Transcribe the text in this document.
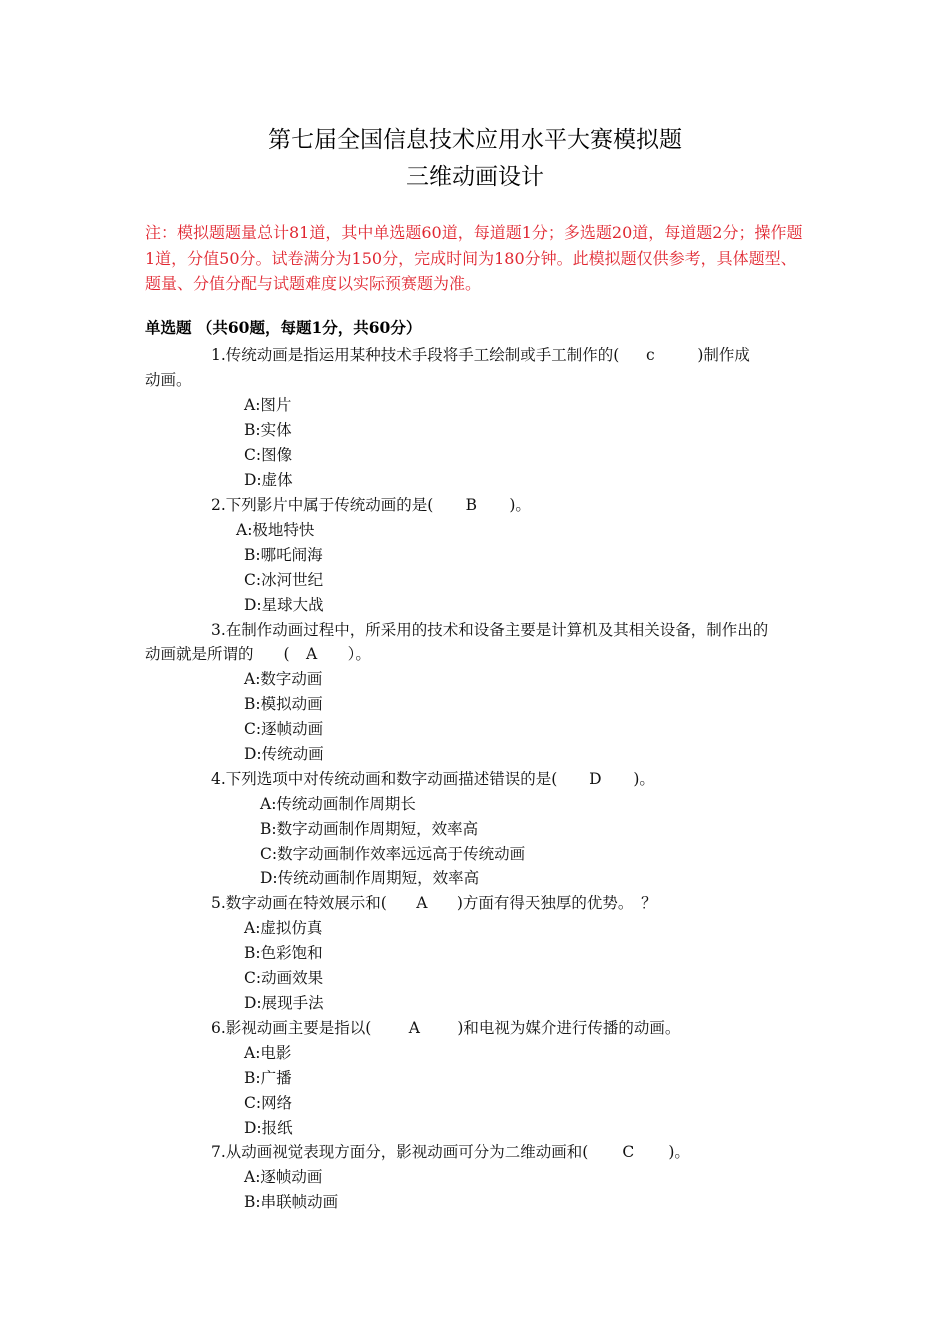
第七届全国信息技术应用水平大赛模拟题
三维动画设计
注：模拟题题量总计81道，其中单选题60道，每道题1分；多选题20道，每道题2分；操作题1道，分值50分。试卷满分为150分，完成时间为180分钟。此模拟题仅供参考，具体题型、题量、分值分配与试题难度以实际预赛题为准。
单选题 （共60题，每题1分，共60分）
1.传统动画是指运用某种技术手段将手工绘制或手工制作的( c	)制作成
动画。
A:图片
B:实体
C:图像
D:虚体
2.下列影片中属于传统动画的是( B )。
A:极地特快
B:哪吒闹海
C:冰河世纪
D:星球大战
3.在制作动画过程中，所采用的技术和设备主要是计算机及其相关设备，制作出的
动画就是所谓的 ( A ）。
A:数字动画
B:模拟动画
C:逐帧动画
D:传统动画
4.下列选项中对传统动画和数字动画描述错误的是( D )。
A:传统动画制作周期长
B:数字动画制作周期短，效率高
C:数字动画制作效率远远高于传统动画
D:传统动画制作周期短，效率高
5.数字动画在特效展示和( A )方面有得天独厚的优势。　？
A:虚拟仿真
B:色彩饱和
C:动画效果
D:展现手法
6.影视动画主要是指以( A )和电视为媒介进行传播的动画。
A:电影
B:广播
C:网络
D:报纸
7.从动画视觉表现方面分，影视动画可分为二维动画和( C )。
A:逐帧动画
B:串联帧动画
